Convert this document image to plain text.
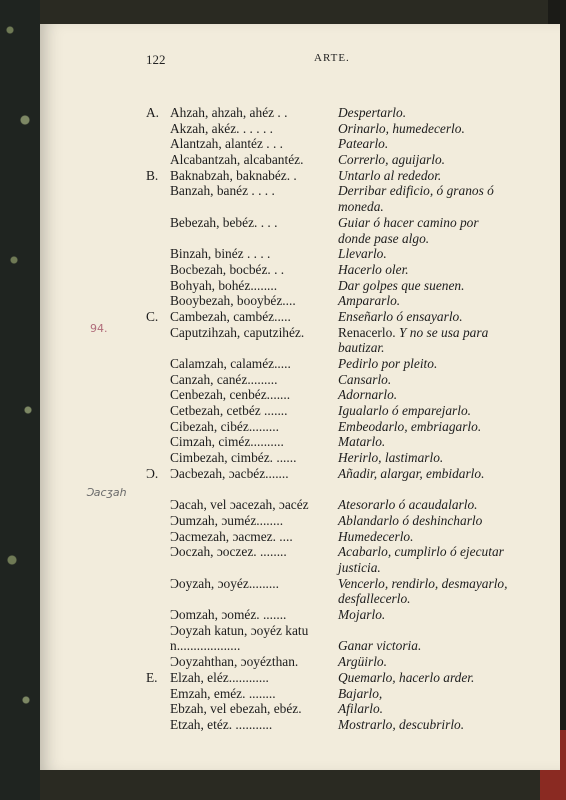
122	ARTE.
94.
Ɔacʒah
A. Ahzah, ahzah, ahéz . .	Despertarlo.
Akzah, akéz. . . . . .	Orinarlo, humedecerlo.
Alantzah, alantéz . . .	Patearlo.
Alcabantzah, alcabantéz.	Correrlo, aguijarlo.
B. Baknabzah, baknabéz. .	Untarlo al rededor.
Banzah, banéz . . . .	Derribar edificio, ó granos ó moneda.
Bebezah, bebéz. . . .	Guiar ó hacer camino por donde pase algo.
Binzah, binéz . . . .	Llevarlo.
Bocbezah, bocbéz. . .	Hacerlo oler.
Bohyah, bohéz........	Dar golpes que suenen.
Booybezah, booybéz....	Ampararlo.
C. Cambezah, cambéz.....	Enseñarlo ó ensayarlo.
Caputzihzah, caputzihéz.	Renacerlo. Y no se usa para bautizar.
Calamzah, calaméz.....	Pedirlo por pleito.
Canzah, canéz.........	Cansarlo.
Cenbezah, cenbéz.......	Adornarlo.
Cetbezah, cetbéz .......	Igualarlo ó emparejarlo.
Cibezah, cibéz.........	Embeodarlo, embriagarlo.
Cimzah, ciméz..........	Matarlo.
Cimbezah, cimbéz. ......	Herirlo, lastimarlo.
Ɔ. Ɔacbezah, ɔacbéz.......	Añadir, alargar, embidarlo.
Ɔacah, vel ɔacezah, ɔacéz Atesorarlo ó acaudalarlo.
Ɔumzah, ɔuméz........	Ablandarlo ó deshincharlo
Ɔacmezah, ɔacmez. ....	Humedecerlo.
Ɔoczah, ɔoczez. ........	Acabarlo, cumplirlo ó ejecutar justicia.
Ɔoyzah, ɔoyéz.........	Vencerlo, rendirlo, desmayarlo, desfallecerlo.
Ɔomzah, ɔoméz. .......	Mojarlo.
Ɔoyzah katun, ɔoyéz katun...................	Ganar victoria.
Ɔoyzahthan, ɔoyézthan.	Argüirlo.
E. Elzah, eléz............	Quemarlo, hacerlo arder.
Emzah, eméz. ........	Bajarlo,
Ebzah, vel ebezah, ebéz.	Afilarlo.
Etzah, etéz. ...........	Mostrarlo, descubrirlo.
